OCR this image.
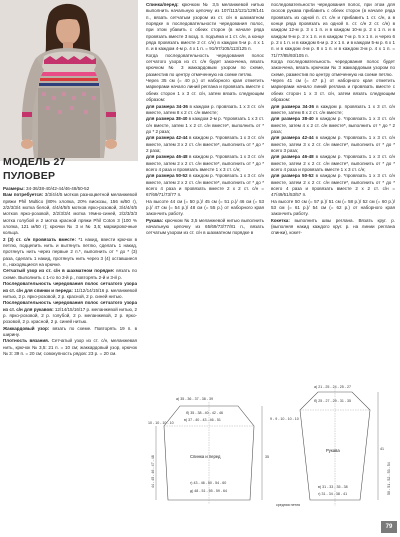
МОДЕЛЬ 27
ПУЛОВЕР

Размеры: 34-36/38-40/42-44/46-48/50-52

Вам потребуется: 3/3/4/4/5 мотков разноцветной меланжевой пряжи Phil Multico (80% хлопка, 20% вискозы, 156 м/50 г), 2/2/3/3/4 мотка белой, 4/4/4/5/5 мотков ярко-розовой, 3/4/4/4/5 мотков ярко-розовой, 2/2/3/3/4 мотка тёмно-синей, 2/2/3/3/3 мотка голубой и 2 мотка красной пряжи Phil Coton 3 (100 % хлопка, 121 м/50 г); крючки № 3 и № 3,5; маркировочные кольца.

2 (3) ст. с/н провязать вместе: *1 накид, ввести крючок в петлю, подцепить нить и вытянуть петлю, сделать 1 накид, протянуть нить через первые 2 п.*, выполнить от * до * (3) раза, сделать 1 накид, протянуть нить через 3 (4) оставшиеся п., находящиеся на крючке.

Сетчатый узор из ст. с/н в шахматном порядке: вязать по схеме. Выполнить с 1-го по 3-й р., повторять 2-й и 3-й р.

Последовательность чередования полос сетчатого узора из ст. с/н для спинки и переда: 11/12/14/15/16 р. меланжевой нитью, 2 р. ярко-розовой, 2 р. красной, 2 р. синей нитью.

Последовательность чередования полос сетчатого узора из ст. с/н для рукавов: 12/14/15/16/17 р. меланжевой нитью, 2 р. ярко-розовой, 2 р. голубой, 2 р. меланжевой, 2 р. ярко-розовой, 2 р. красной, 2 р. синей нитью.

Жаккардовый узор: вязать по схеме. Повторять 19 п. в ширину.

Плотность вязания. Сетчатый узор из ст. с/н, меланжевая нить, крючок № 3,5: 21 п. = 10 см; жаккардовый узор, крючок № 3: 39 п. = 20 см; совокупность рядов: 23 р. = 20 см.

Спинка/перед: крючком № 3,5 меланжевой нитью выполнить начальную цепочку из 107/113/121/129/141 п., вязать сетчатым узором из ст. с/н в шахматном порядке в последовательности чередования полос, при этом убавить с обеих сторон (в начале ряда провязать вместе 3 возд. п. подъёма и 1 ст. с/н, а конце ряда провязать вместе 2 ст. с/н) в каждом 5-м р. 4 x 1 п. и в каждом 4-м р. 4 x 1 п. = 91/97/105/113/125 п.

Когда последовательность чередования полос сетчатого узора из ст. с/н будет закончена, вязать крючком № 3 жаккардовым узором по схеме, разместив по центру отмеченную на схеме петлю.

Через 35 см (= 40 р.) от наборного края отметить маркерами начало линий реглана и провязать вместе с обеих сторон 1 х 3 ст. с/н, затем вязать следующим образом:

для размера 34-36 в каждом р. провязать 1 х 3 ст. с/н вместе, затем 8 х 2 ст. с/н вместе;

для размера 38-40 в каждом 2-м р. *провязать 1 х 3 ст. с/н вместе, затем 1 х 2 ст. с/н вместе*, выполнить от * до * 2 раза;

для размера 42-44 в каждом р. *провязать 1 х 3 ст. с/н вместе, затем 3 х 2 ст. с/н вместе*, выполнить от * до * 2 раза;

для размера 46-48 в каждом р. *провязать 1 х 3 ст. с/н вместе, затем 2 х 2 ст. с/н вместе*, выполнить от * до * всего 4 раза и провязать вместе 1 х 3 ст. с/н;

для размера 50-52 в каждом р. *провязать 1 х 3 ст. с/н вместе, затем 2 х 2 ст. с/н вместе*, выполнить от * до * всего 4 раза и провязать вместе 2 х 2 ст. с/н = 67/69/71/73/77 п.

На высоте 44 см (= 50 р.)/ 45 см (= 51 р.)/ 46 см (= 53 р.)/ 47 см (= 54 р.)/ 48 см (= 55 р.) от наборного края закончить работу.

Рукава: крючком № 3,5 меланжевой нитью выполнить начальную цепочку из 65/69/73/77/81 п., вязать сетчатым узором из ст. с/н в шахматном порядке в

последовательности чередования полос, при этом для скосов рукава прибавить с обеих сторон (в начале ряда провязать из одной п. ст. с/н и прибавить 1 ст. с/н, а в конце ряда провязать из одной п. ст. с/н 2 ст. с/н) в каждом 12-м р. 3 x 1 п. и в каждом 10-м р. 2 x 1 п. и в каждом 9-м р. 2 x 1 п. и в каждом 7-м р. 5 x 1 п. и через 6 р. 2 x 1 п. и в каждом 6-м р. 2 x 1 п. и в каждом 5-м р. 6 x 1 п. и в каждом 4-м р. 8 x 1 п. и в каждом 3-м р. 4 x 1 п. = 71/77/85/93/105 п.

Когда последовательность чередования полос будет закончена, вязать крючком № 3 жаккардовым узором по схеме, разместив по центру отмеченную на схеме петлю.

Через 41 см (= 47 р.) от наборного края отметить маркерами начало линий реглана и провязать вместе с обеих сторон 1 х 3 ст. с/н, затем вязать следующим образом:

для размера 34-36 в каждом р. провязать 1 х 3 ст. с/н вместе, затем 8 х 2 ст. с/н вместе;

для размера 38-40 в каждом р. *провязать 1 х 3 ст. с/н вместе, затем 4 х 2 ст. с/н вместе*, выполнить от * до * 2 раза;

для размера 42-44 в каждом р. *провязать 1 х 3 ст. с/н вместе, затем 3 х 2 ст. с/н вместе*, выполнить от * до * всего 3 раза;

для размера 46-48 в каждом р. *провязать 1 х 3 ст. с/н вместе, затем 2 х 2 ст. с/н вместе*, выполнить от * до * всего 4 раза и провязать вместе 1 х 3 ст. с/н;

для размера 50-52 в каждом р. *провязать 1 х 3 ст. с/н вместе, затем 2 х 2 ст. с/н вместе*, выполнить от * до * всего 4 раза и провязать вместе 2 х 2 ст. с/н = 47/49/51/53/57 п.

На высоте 50 см (= 57 р.)/ 51 см (= 58 р.)/ 52 см (= 60 р.)/ 53 см (= 61 р.)/ 54 см (= 62 р.) от наборного края закончить работу.

Кокетка: выполнить швы реглана. Вязать круг. р. (выполняя накид каждого круг. р. на линии реглана спинки), кокет-

а) 35 - 36 - 37 - 38 - 39
б) 35 - 38 - 40 - 42 - 46
в) 37 - 40 - 43 - 46 - 51
Спинка и перед
г) 43 - 46 - 50 - 54 - 60
д) 48 - 51 - 55 - 59 - 64
10 - 10 - 10 - 10
44 - 45 - 46 - 47 - 48	35
а) 21 - 25 - 24 - 25 - 27
б) 25 - 27 - 29 - 31 - 35
Рукава
в) 31 - 33 - 35 - 38
г) 31 - 34 - 38 - 41
9 - 9 - 10 - 10 - 10
41
50 - 51 - 52 - 53 - 54
средняя петля
79
